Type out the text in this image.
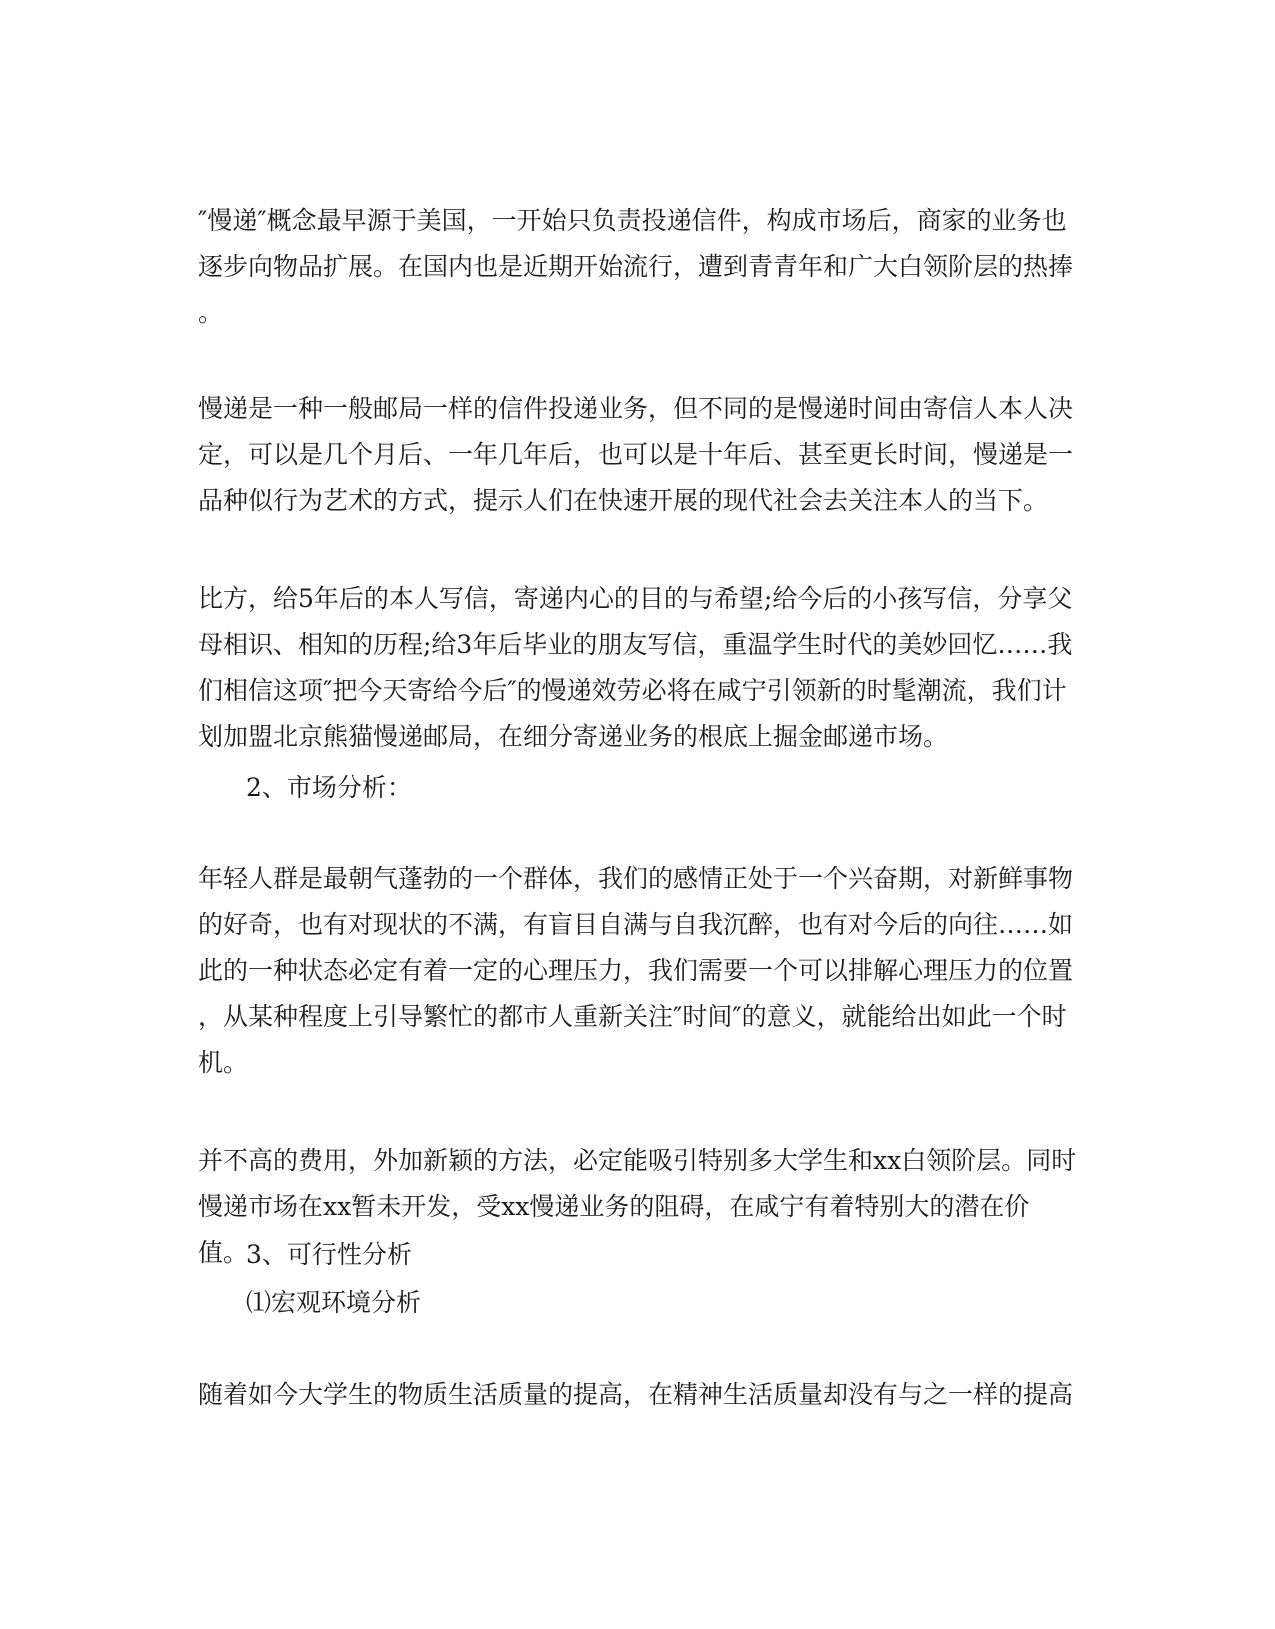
″慢递″概念最早源于美国，一开始只负责投递信件，构成市场后，商家的业务也
逐步向物品扩展。在国内也是近期开始流行，遭到青青年和广大白领阶层的热捧
。

慢递是一种一般邮局一样的信件投递业务，但不同的是慢递时间由寄信人本人决
定，可以是几个月后、一年几年后，也可以是十年后、甚至更长时间，慢递是一
品种似行为艺术的方式，提示人们在快速开展的现代社会去关注本人的当下。

比方，给5年后的本人写信，寄递内心的目的与希望;给今后的小孩写信，分享父
母相识、相知的历程;给3年后毕业的朋友写信，重温学生时代的美妙回忆……我
们相信这项″把今天寄给今后″的慢递效劳必将在咸宁引领新的时髦潮流，我们计
划加盟北京熊猫慢递邮局，在细分寄递业务的根底上掘金邮递市场。

2、市场分析：

年轻人群是最朝气蓬勃的一个群体，我们的感情正处于一个兴奋期，对新鲜事物
的好奇，也有对现状的不满，有盲目自满与自我沉醉，也有对今后的向往……如
此的一种状态必定有着一定的心理压力，我们需要一个可以排解心理压力的位置
，从某种程度上引导繁忙的都市人重新关注″时间″的意义，就能给出如此一个时
机。

并不高的费用，外加新颖的方法，必定能吸引特别多大学生和xx白领阶层。同时
慢递市场在xx暂未开发，受xx慢递业务的阻碍，在咸宁有着特别大的潜在价值。

3、可行性分析

⑴宏观环境分析

随着如今大学生的物质生活质量的提高，在精神生活质量却没有与之一样的提高
